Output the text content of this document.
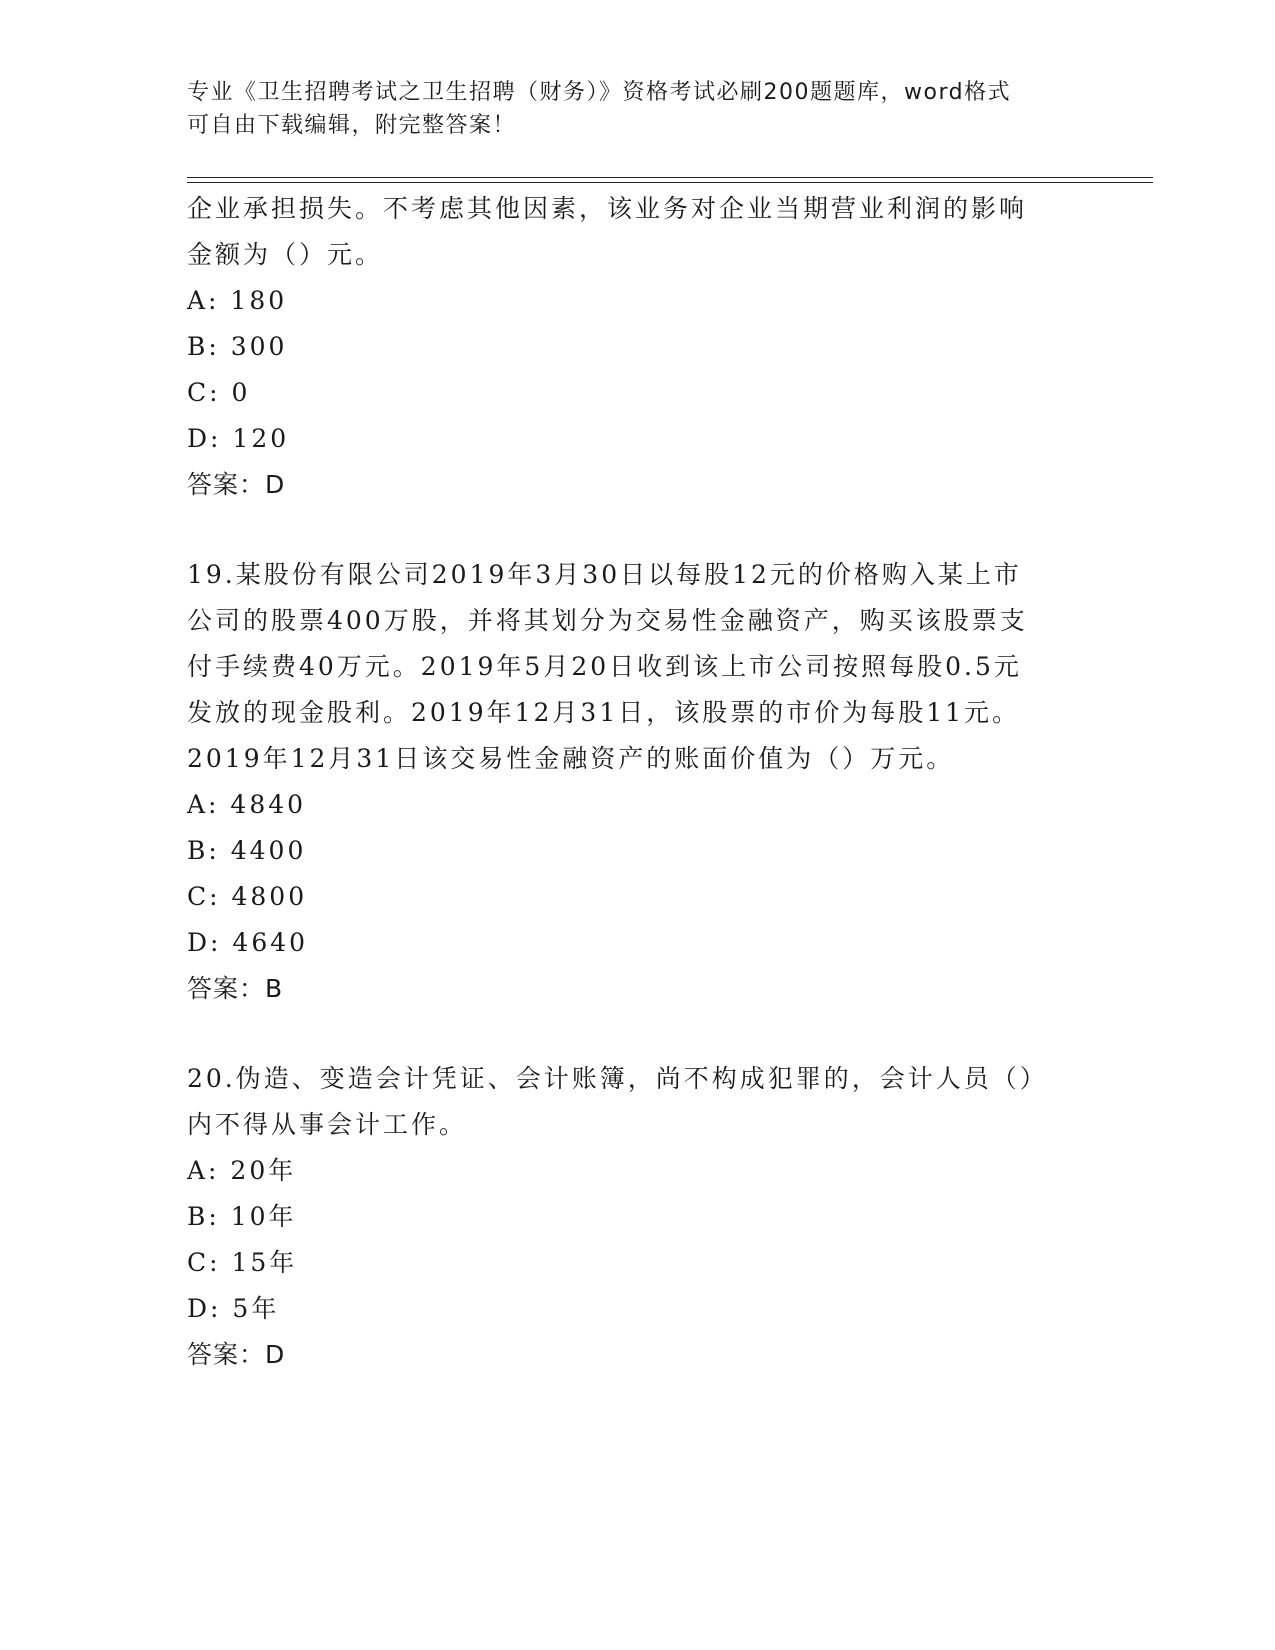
专业《卫生招聘考试之卫生招聘（财务）》资格考试必刷200题题库，word格式
可自由下载编辑，附完整答案！

企业承担损失。不考虑其他因素，该业务对企业当期营业利润的影响

金额为（）元。

A: 180

B: 300

C: 0

D: 120

答案：D

19.某股份有限公司2019年3月30日以每股12元的价格购入某上市

公司的股票400万股，并将其划分为交易性金融资产，购买该股票支

付手续费40万元。2019年5月20日收到该上市公司按照每股0.5元

发放的现金股利。2019年12月31日，该股票的市价为每股11元。

2019年12月31日该交易性金融资产的账面价值为（）万元。

A: 4840

B: 4400

C: 4800

D: 4640

答案：B

20.伪造、变造会计凭证、会计账簿，尚不构成犯罪的，会计人员（）

内不得从事会计工作。

A: 20年

B: 10年

C: 15年

D: 5年

答案：D
